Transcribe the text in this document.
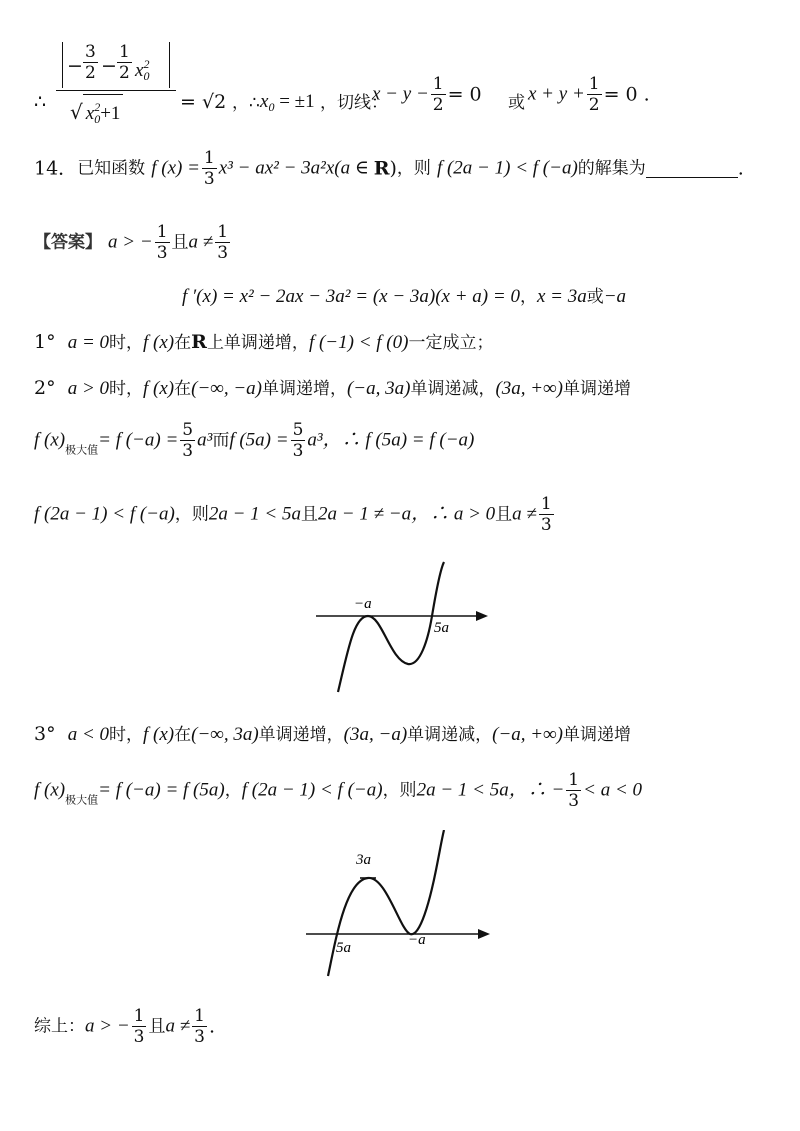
∴
− $\frac{3}{2} - \frac{1}{2} x_0^2$
√ $x_0^2+1$
= √2 ，∴ $x_0 = \pm 1$ ，切线：
$x - y - \frac{1}{2} = 0$ 或 $x + y + \frac{1}{2} = 0$ .
14．已知函数 f $(x) = \frac{1}{3} x^3 - ax^2 - 3a^2x(a$ ∈ R)，则 f (2a − 1) < f (−a)的解集为	.
【答案】 a > − $\frac{1}{3}$ 且$a \ne \frac{1}{3}$
f ′(x) = x² − 2ax − 3a² = (x − 3a)(x + a) = 0，x = 3a或−a
1° a = 0时，f (x)在R上单调递增，f (−1) < f (0)一定成立；
2° a > 0时，f (x)在(−∞, −a)单调递增，(−a, 3a)单调递减，(3a, +∞)单调递增
f $(x)_{极大值}= f$ $(-a) = \frac{5}{3} a^3$而f $(5a) = \frac{5}{3} a^3$，∴ f (5a) = f (−a)
f (2a − 1) < f (−a)，则2a − 1 < 5a且2a − 1 ≠ −a，∴ a > 0且$a \ne \frac{1}{3}$
−a
5a
3° a < 0时，f (x)在(−∞, 3a)单调递增，(3a, −a)单调递减，(−a, +∞)单调递增
f $(x)_{极大值}= f$ (−a) = f (5a)，f (2a − 1) < f (−a)，则2a − 1 < 5a，∴ − $\frac{1}{3} < a < 0$
3a
5a	−a
综上：a > − $\frac{1}{3}$ 且$a \ne \frac{1}{3}$ .
